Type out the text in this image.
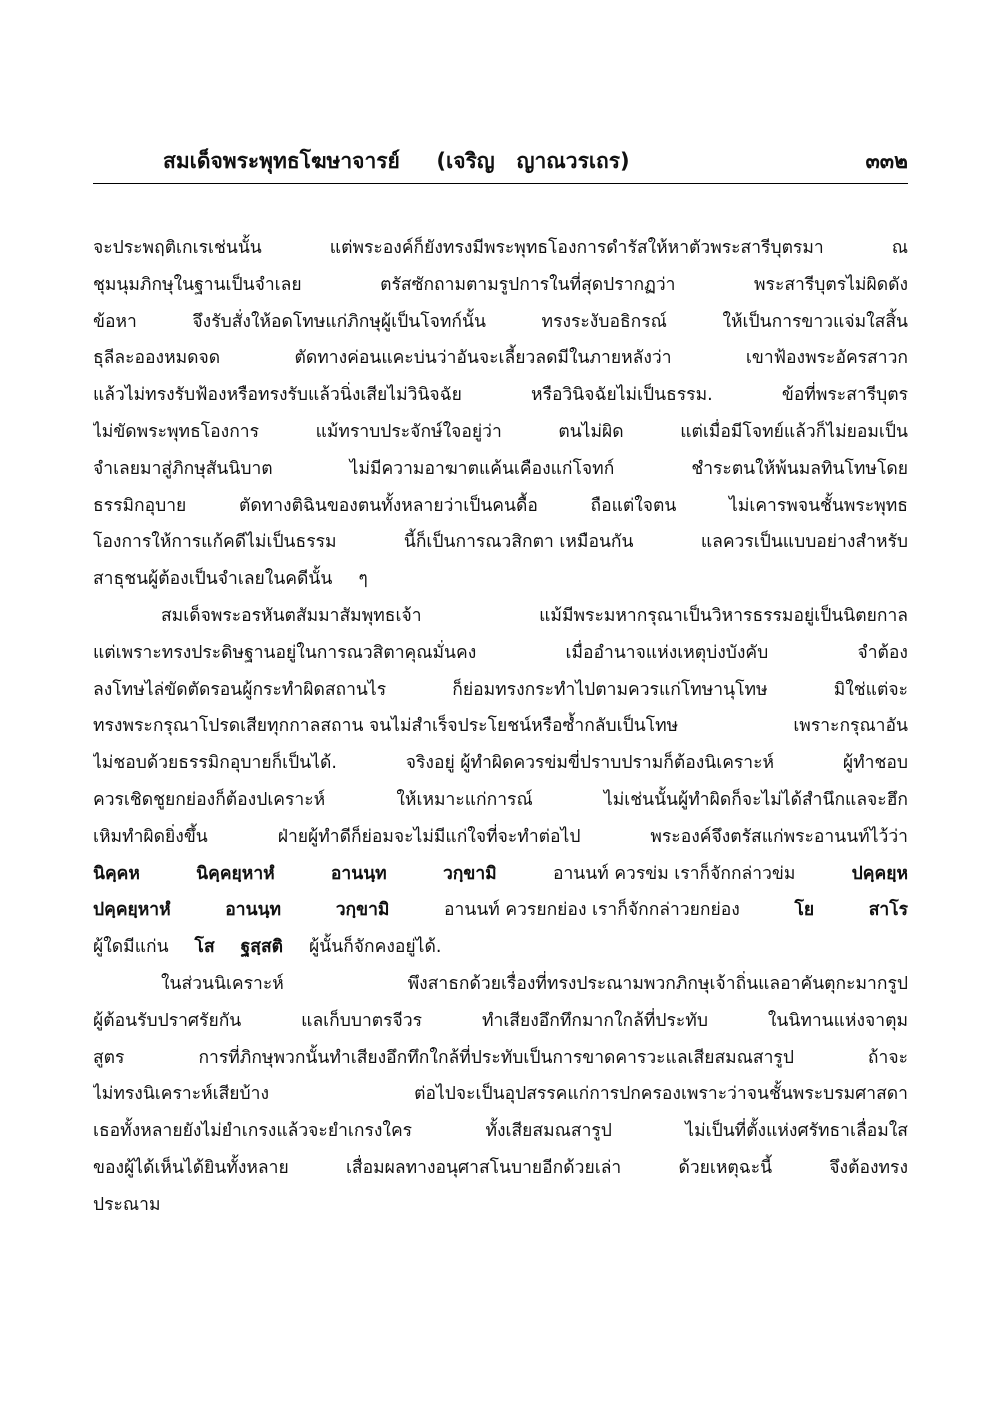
สมเด็จพระพุทธโฆษาจารย์     (เจริญ   ญาณวรเถร)	๓๓๒
จะประพฤติเกเรเช่นนั้น	แต่พระองค์ก็ยังทรงมีพระพุทธโองการดำรัสให้หาตัวพระสารีบุตรมา	ณ
ชุมนุมภิกษุในฐานเป็นจำเลย	ตรัสซักถามตามรูปการในที่สุดปรากฏว่า	พระสารีบุตรไม่ผิดดัง
ข้อหา	จึงรับสั่งให้อดโทษแก่ภิกษุผู้เป็นโจทก์นั้น	ทรงระงับอธิกรณ์	ให้เป็นการขาวแจ่มใสสิ้น
ธุลีละอองหมดจด	ตัดทางค่อนแคะบ่นว่าอันจะเลี้ยวลดมีในภายหลังว่า	เขาฟ้องพระอัครสาวก
แล้วไม่ทรงรับฟ้องหรือทรงรับแล้วนิ่งเสียไม่วินิจฉัย	หรือวินิจฉัยไม่เป็นธรรม.	ข้อที่พระสารีบุตร
ไม่ขัดพระพุทธโองการ	แม้ทราบประจักษ์ใจอยู่ว่า	ตนไม่ผิด	แต่เมื่อมีโจทย์แล้วก็ไม่ยอมเป็น
จำเลยมาสู่ภิกษุสันนิบาต	ไม่มีความอาฆาตแค้นเคืองแก่โจทก์	ชำระตนให้พ้นมลทินโทษโดย
ธรรมิกอุบาย	ตัดทางติฉินของตนทั้งหลายว่าเป็นคนดื้อ	ถือแต่ใจตน	ไม่เคารพจนชั้นพระพุทธ
โองการให้การแก้คดีไม่เป็นธรรม	นี้ก็เป็นการณวสิกตา เหมือนกัน	แลควรเป็นแบบอย่างสำหรับ
สาธุชนผู้ต้องเป็นจำเลยในคดีนั้น ๆ
สมเด็จพระอรหันตสัมมาสัมพุทธเจ้า	แม้มีพระมหากรุณาเป็นวิหารธรรมอยู่เป็นนิตยกาล
แต่เพราะทรงประดิษฐานอยู่ในการณวสิตาคุณมั่นคง	เมื่ออำนาจแห่งเหตุบ่งบังคับ	จำต้อง
ลงโทษไล่ขัดตัดรอนผู้กระทำผิดสถานไร	ก็ย่อมทรงกระทำไปตามควรแก่โทษานุโทษ	มิใช่แต่จะ
ทรงพระกรุณาโปรดเสียทุกกาลสถาน จนไม่สำเร็จประโยชน์หรือซ้ำกลับเป็นโทษ	เพราะกรุณาอัน
ไม่ชอบด้วยธรรมิกอุบายก็เป็นได้.	จริงอยู่ ผู้ทำผิดควรข่มขี่ปราบปรามก็ต้องนิเคราะห์	ผู้ทำชอบ
ควรเชิดชูยกย่องก็ต้องปเคราะห์	ให้เหมาะแก่การณ์	ไม่เช่นนั้นผู้ทำผิดก็จะไม่ได้สำนึกแลจะฮึก
เหิมทำผิดยิ่งขึ้น	ฝ่ายผู้ทำดีก็ย่อมจะไม่มีแก่ใจที่จะทำต่อไป	พระองค์จึงตรัสแก่พระอานนท์ไว้ว่า
นิคฺคห	นิคฺคยฺหาหํ	อานนฺท	วกฺขามิ	อานนท์ ควรข่ม เราก็จักกล่าวข่ม	ปคฺคยฺห
ปคฺคยฺหาหํ	อานนฺท	วกฺขามิ	อานนท์ ควรยกย่อง เราก็จักกล่าวยกย่อง	โย	สาโร
ผู้ใดมีแก่น โส ฐสฺสติ ผู้นั้นก็จักคงอยู่ได้.
ในส่วนนิเคราะห์	พึงสาธกด้วยเรื่องที่ทรงประณามพวกภิกษุเจ้าถิ่นแลอาคันตุกะมากรูป
ผู้ต้อนรับปราศรัยกัน	แลเก็บบาตรจีวร	ทำเสียงอึกทึกมากใกล้ที่ประทับ	ในนิทานแห่งจาตุม
สูตร	การที่ภิกษุพวกนั้นทำเสียงอึกทึกใกล้ที่ประทับเป็นการขาดคารวะแลเสียสมณสารูป	ถ้าจะ
ไม่ทรงนิเคราะห์เสียบ้าง	ต่อไปจะเป็นอุปสรรคแก่การปกครองเพราะว่าจนชั้นพระบรมศาสดา
เธอทั้งหลายยังไม่ยำเกรงแล้วจะยำเกรงใคร	ทั้งเสียสมณสารูป	ไม่เป็นที่ตั้งแห่งศรัทธาเลื่อมใส
ของผู้ได้เห็นได้ยินทั้งหลาย	เสื่อมผลทางอนุศาสโนบายอีกด้วยเล่า	ด้วยเหตุฉะนี้	จึงต้องทรง
ประณาม
